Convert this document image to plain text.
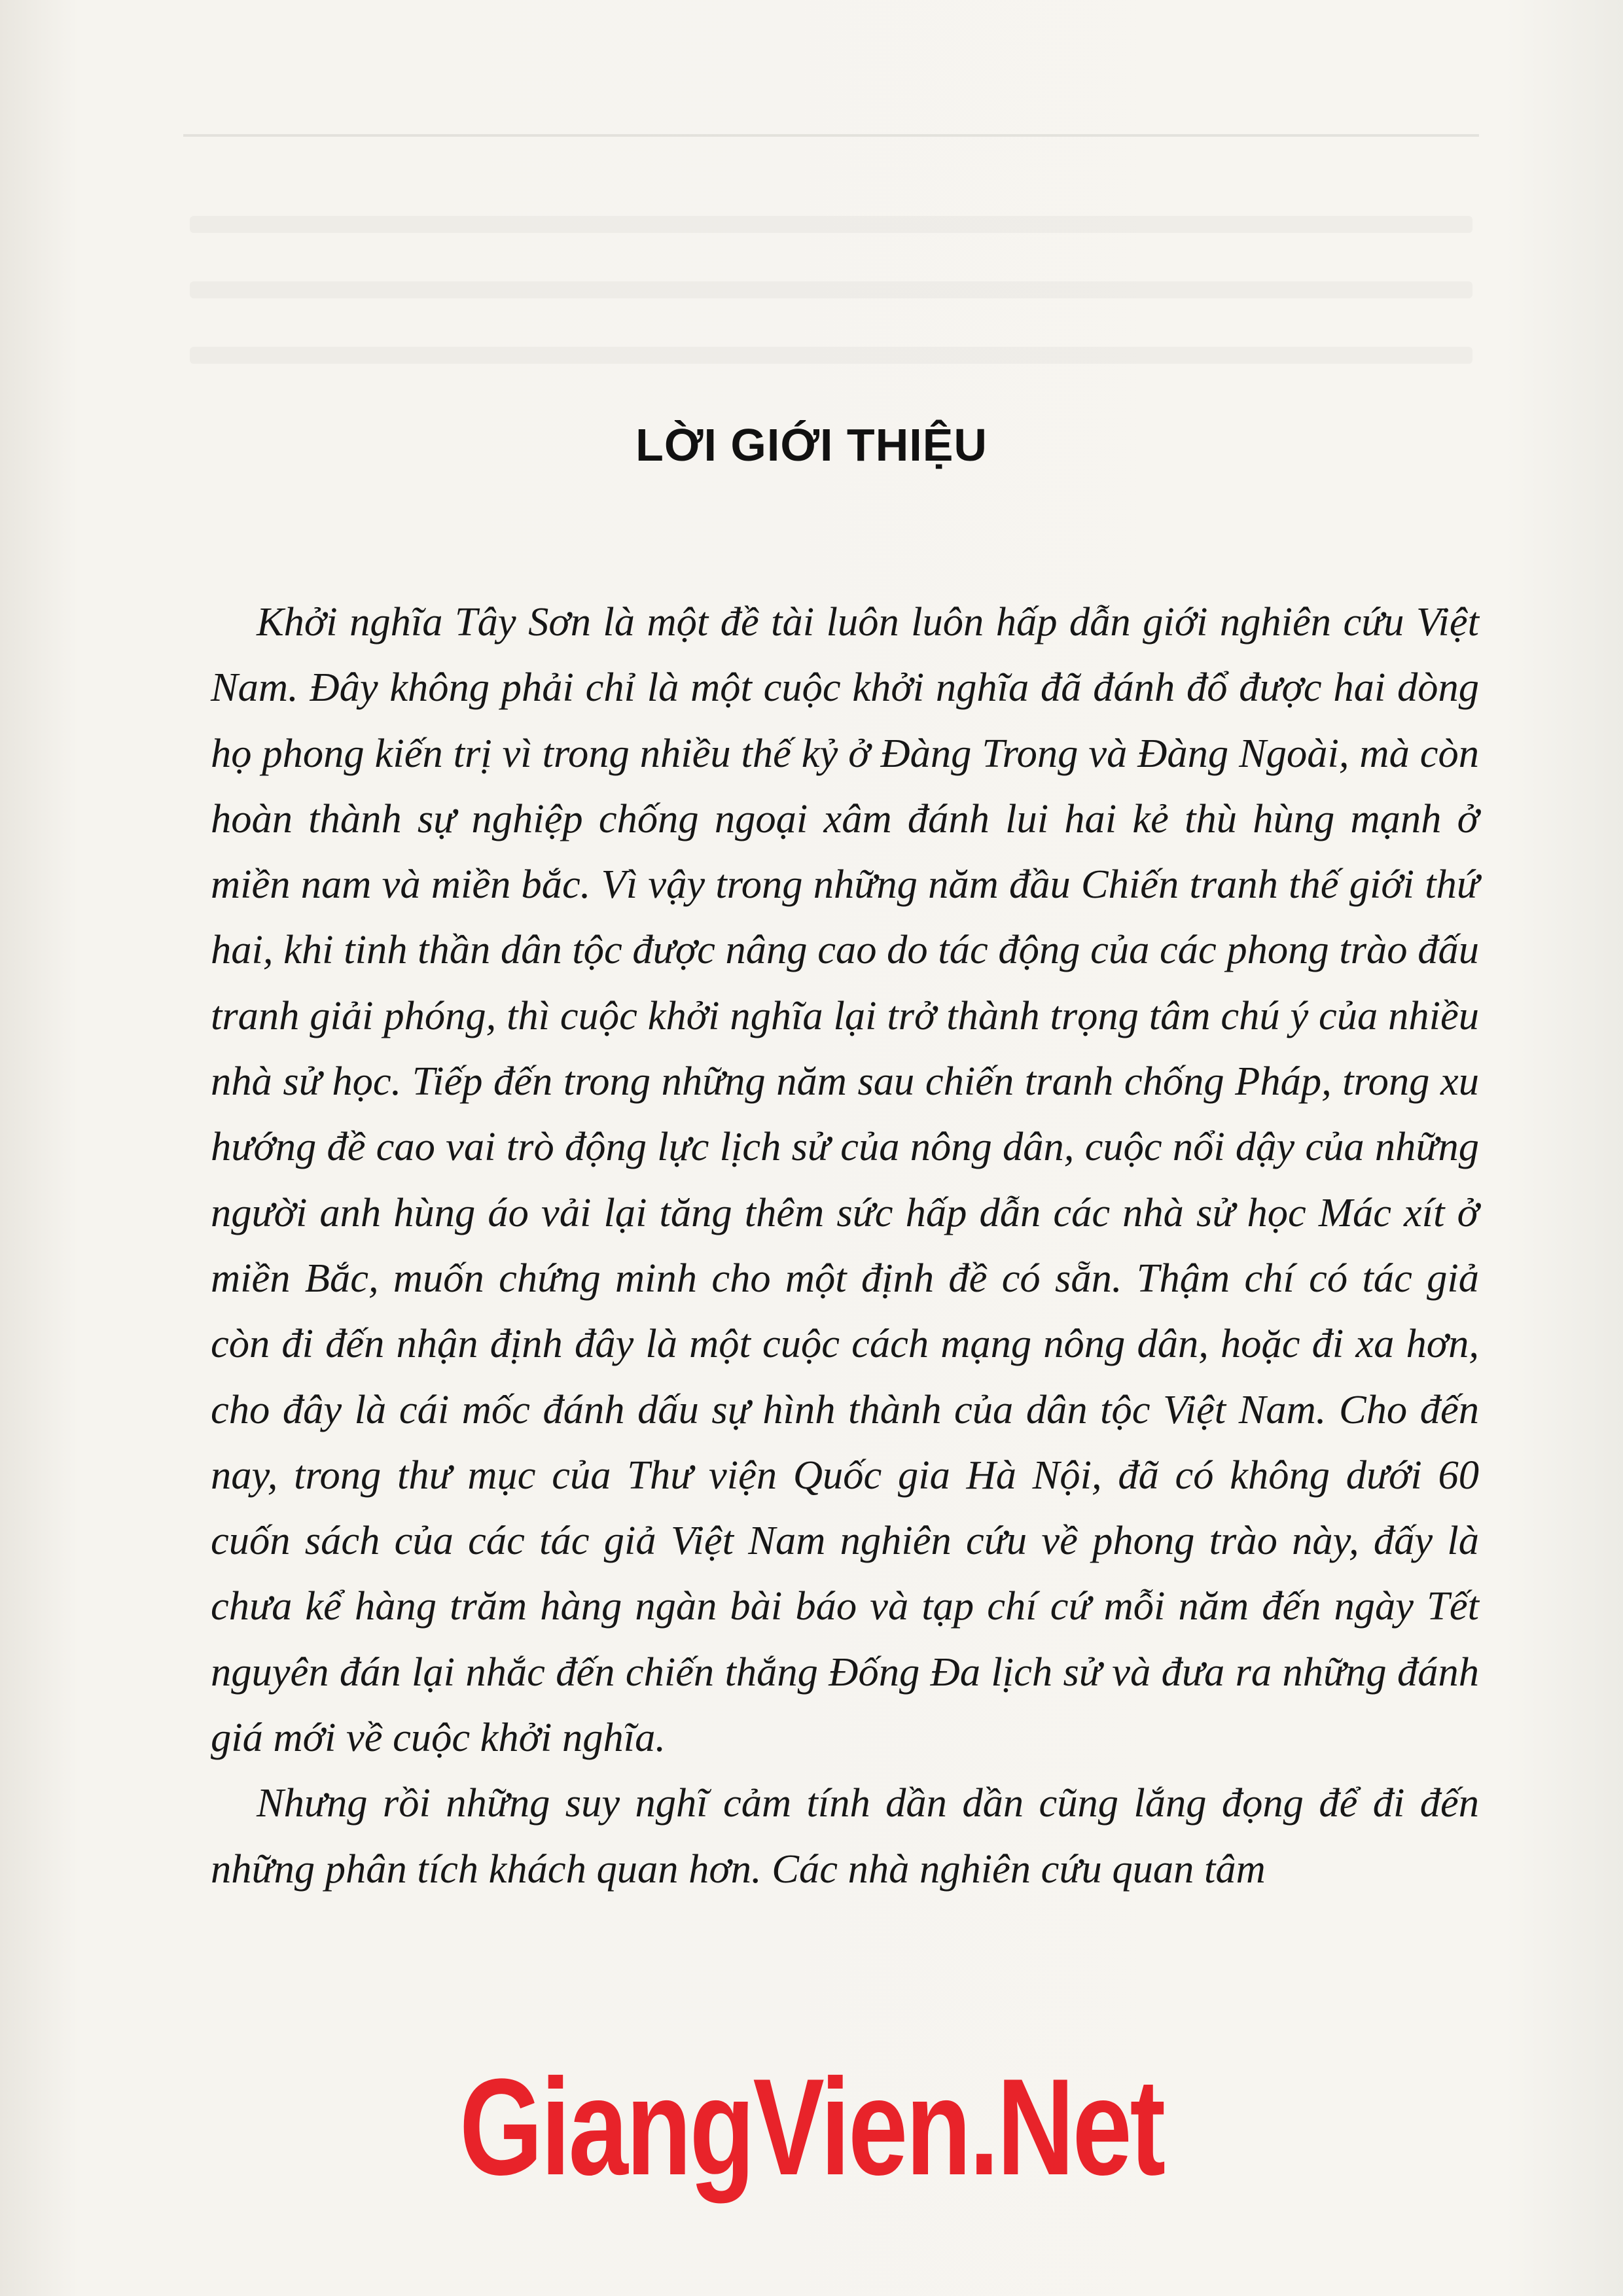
LỜI GIỚI THIỆU

Khởi nghĩa Tây Sơn là một đề tài luôn luôn hấp dẫn giới nghiên cứu Việt Nam. Đây không phải chỉ là một cuộc khởi nghĩa đã đánh đổ được hai dòng họ phong kiến trị vì trong nhiều thế kỷ ở Đàng Trong và Đàng Ngoài, mà còn hoàn thành sự nghiệp chống ngoại xâm đánh lui hai kẻ thù hùng mạnh ở miền nam và miền bắc. Vì vậy trong những năm đầu Chiến tranh thế giới thứ hai, khi tinh thần dân tộc được nâng cao do tác động của các phong trào đấu tranh giải phóng, thì cuộc khởi nghĩa lại trở thành trọng tâm chú ý của nhiều nhà sử học. Tiếp đến trong những năm sau chiến tranh chống Pháp, trong xu hướng đề cao vai trò động lực lịch sử của nông dân, cuộc nổi dậy của những người anh hùng áo vải lại tăng thêm sức hấp dẫn các nhà sử học Mác xít ở miền Bắc, muốn chứng minh cho một định đề có sẵn. Thậm chí có tác giả còn đi đến nhận định đây là một cuộc cách mạng nông dân, hoặc đi xa hơn, cho đây là cái mốc đánh dấu sự hình thành của dân tộc Việt Nam. Cho đến nay, trong thư mục của Thư viện Quốc gia Hà Nội, đã có không dưới 60 cuốn sách của các tác giả Việt Nam nghiên cứu về phong trào này, đấy là chưa kể hàng trăm hàng ngàn bài báo và tạp chí cứ mỗi năm đến ngày Tết nguyên đán lại nhắc đến chiến thắng Đống Đa lịch sử và đưa ra những đánh giá mới về cuộc khởi nghĩa.

Nhưng rồi những suy nghĩ cảm tính dần dần cũng lắng đọng để đi đến những phân tích khách quan hơn. Các nhà nghiên cứu quan tâm

GiangVien.Net
